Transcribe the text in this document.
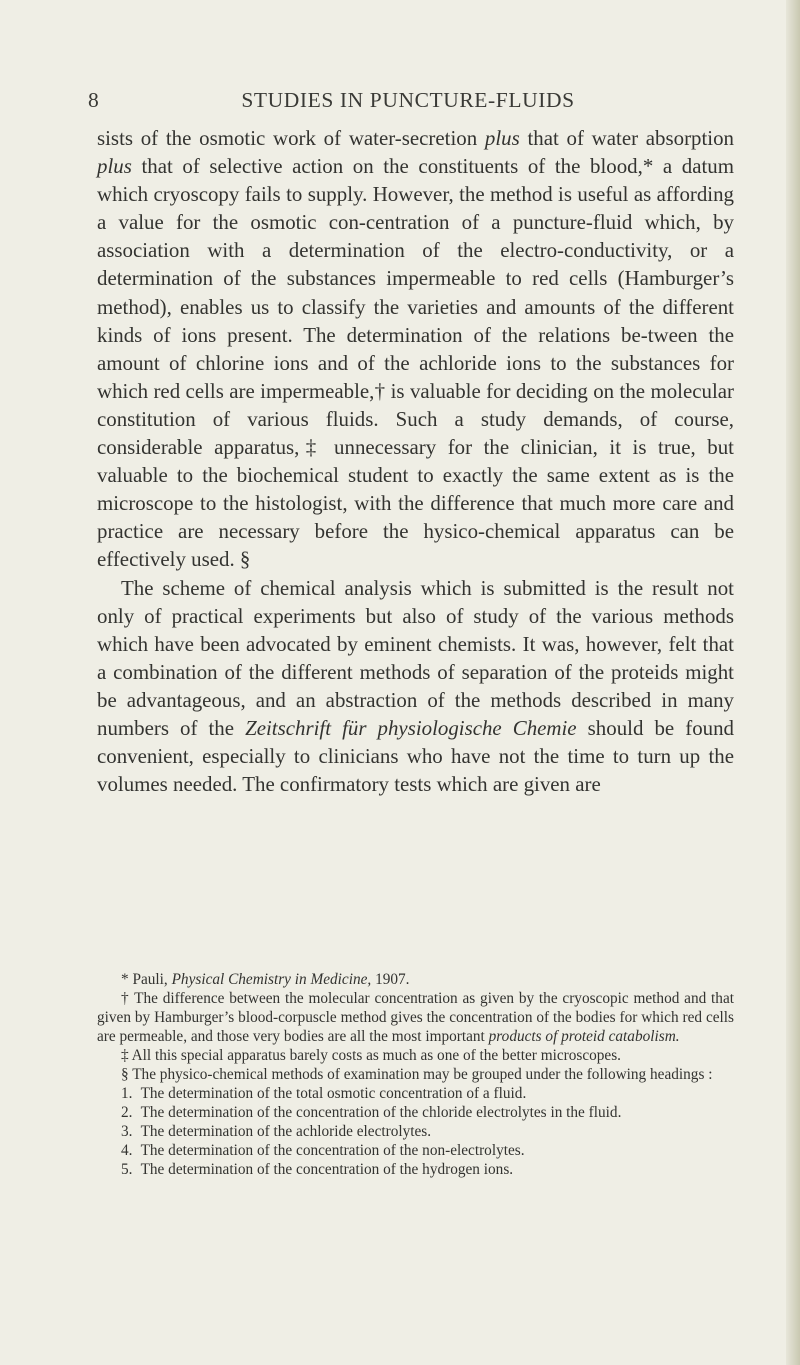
8	STUDIES IN PUNCTURE-FLUIDS

sists of the osmotic work of water-secretion plus that of water absorption plus that of selective action on the constituents of the blood,* a datum which cryoscopy fails to supply. However, the method is useful as affording a value for the osmotic con-centration of a puncture-fluid which, by association with a determination of the electro-conductivity, or a determination of the substances impermeable to red cells (Hamburger’s method), enables us to classify the varieties and amounts of the different kinds of ions present. The determination of the relations be-tween the amount of chlorine ions and of the achloride ions to the substances for which red cells are impermeable,† is valuable for deciding on the molecular constitution of various fluids. Such a study demands, of course, considerable apparatus,‡ unnecessary for the clinician, it is true, but valuable to the biochemical student to exactly the same extent as is the microscope to the histologist, with the difference that much more care and practice are necessary before the hysico-chemical apparatus can be effectively used. §

The scheme of chemical analysis which is submitted is the result not only of practical experiments but also of study of the various methods which have been advocated by eminent chemists. It was, however, felt that a combination of the different methods of separation of the proteids might be advantageous, and an abstraction of the methods described in many numbers of the Zeitschrift für physiologische Chemie should be found convenient, especially to clinicians who have not the time to turn up the volumes needed. The confirmatory tests which are given are

* Pauli, Physical Chemistry in Medicine, 1907.

† The difference between the molecular concentration as given by the cryoscopic method and that given by Hamburger’s blood-corpuscle method gives the concentration of the bodies for which red cells are permeable, and those very bodies are all the most important products of proteid catabolism.

‡ All this special apparatus barely costs as much as one of the better microscopes.

§ The physico-chemical methods of examination may be grouped under the following headings :

1. The determination of the total osmotic concentration of a fluid.
2. The determination of the concentration of the chloride electrolytes in the fluid.
3. The determination of the achloride electrolytes.
4. The determination of the concentration of the non-electrolytes.
5. The determination of the concentration of the hydrogen ions.
